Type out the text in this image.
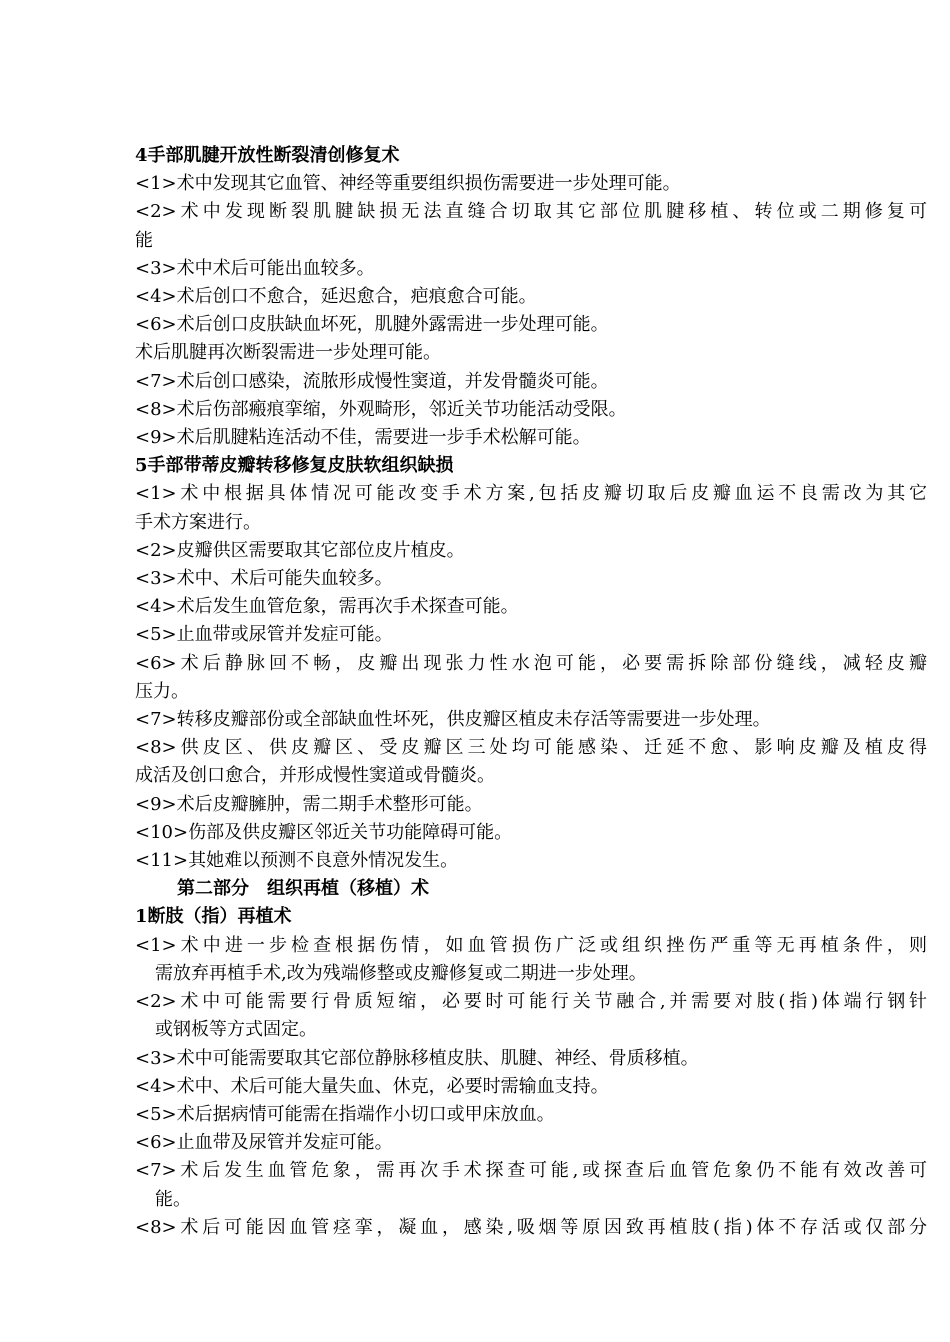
4手部肌腱开放性断裂清创修复术
<1>术中发现其它血管、神经等重要组织损伤需要进一步处理可能。
<2>术中发现断裂肌腱缺损无法直缝合切取其它部位肌腱移植、转位或二期修复可
能
<3>术中术后可能出血较多。
<4>术后创口不愈合，延迟愈合，疤痕愈合可能。
<6>术后创口皮肤缺血坏死，肌腱外露需进一步处理可能。
术后肌腱再次断裂需进一步处理可能。
<7>术后创口感染，流脓形成慢性窦道，并发骨髓炎可能。
<8>术后伤部瘢痕挛缩，外观畸形，邻近关节功能活动受限。
<9>术后肌腱粘连活动不佳，需要进一步手术松解可能。
5手部带蒂皮瓣转移修复皮肤软组织缺损
<1>术中根据具体情况可能改变手术方案,包括皮瓣切取后皮瓣血运不良需改为其它
手术方案进行。
<2>皮瓣供区需要取其它部位皮片植皮。
<3>术中、术后可能失血较多。
<4>术后发生血管危象，需再次手术探查可能。
<5>止血带或尿管并发症可能。
<6>术后静脉回不畅，皮瓣出现张力性水泡可能，必要需拆除部份缝线，减轻皮瓣
压力。
<7>转移皮瓣部份或全部缺血性坏死，供皮瓣区植皮未存活等需要进一步处理。
<8>供皮区、供皮瓣区、受皮瓣区三处均可能感染、迁延不愈、影响皮瓣及植皮得
成活及创口愈合，并形成慢性窦道或骨髓炎。
<9>术后皮瓣臃肿，需二期手术整形可能。
<10>伤部及供皮瓣区邻近关节功能障碍可能。
<11>其她难以预测不良意外情况发生。
第二部分　组织再植（移植）术
1断肢（指）再植术
<1>术中进一步检查根据伤情，如血管损伤广泛或组织挫伤严重等无再植条件，则
需放弃再植手术,改为残端修整或皮瓣修复或二期进一步处理。
<2>术中可能需要行骨质短缩，必要时可能行关节融合,并需要对肢(指)体端行钢针
或钢板等方式固定。
<3>术中可能需要取其它部位静脉移植皮肤、肌腱、神经、骨质移植。
<4>术中、术后可能大量失血、休克，必要时需输血支持。
<5>术后据病情可能需在指端作小切口或甲床放血。
<6>止血带及尿管并发症可能。
<7>术后发生血管危象，需再次手术探查可能,或探查后血管危象仍不能有效改善可
能。
<8>术后可能因血管痉挛，凝血，感染,吸烟等原因致再植肢(指)体不存活或仅部分
